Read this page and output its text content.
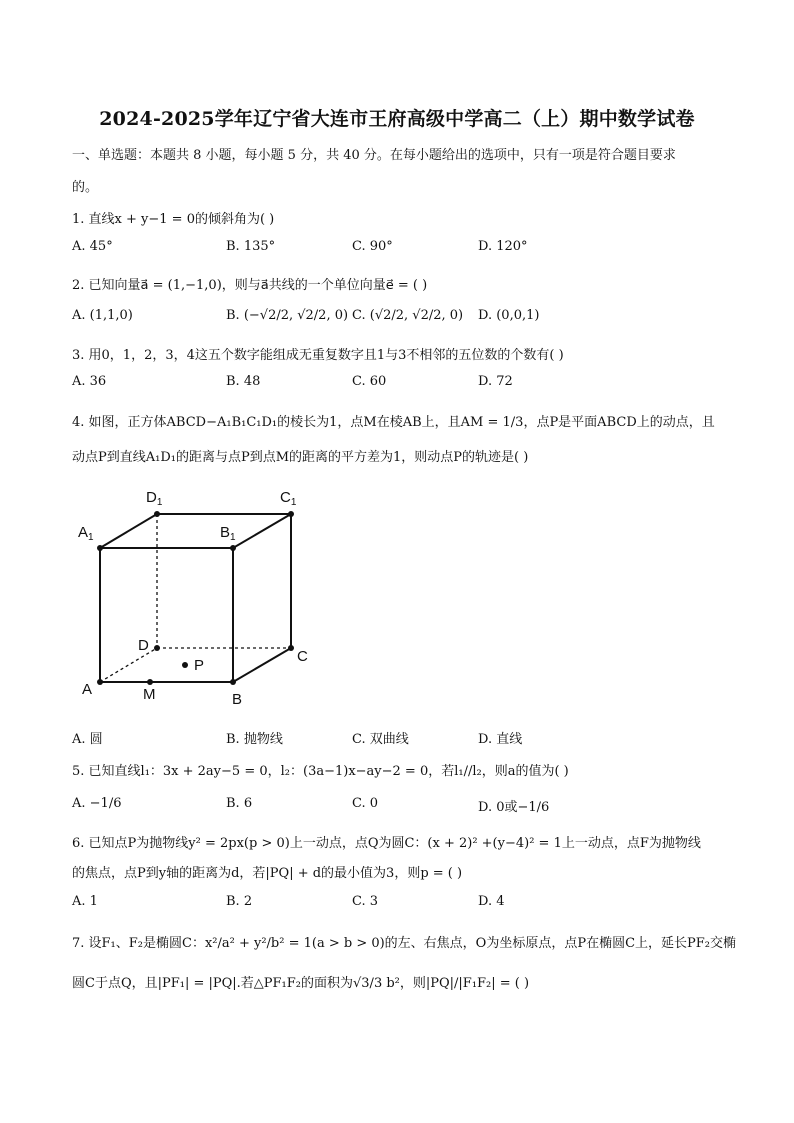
2024-2025学年辽宁省大连市王府高级中学高二（上）期中数学试卷
一、单选题：本题共 8 小题，每小题 5 分，共 40 分。在每小题给出的选项中，只有一项是符合题目要求
的。
1. 直线x + y−1 = 0的倾斜角为( )
A. 45°	B. 135°	C. 90°	D. 120°
2. 已知向量a⃗ = (1,−1,0)，则与a⃗共线的一个单位向量e⃗ = ( )
A. (1,1,0)	B. (−√2/2, √2/2, 0) C. (√2/2, √2/2, 0) D. (0,0,1)
3. 用0，1，2，3，4这五个数字能组成无重复数字且1与3不相邻的五位数的个数有( )
A. 36	B. 48	C. 60	D. 72
4. 如图，正方体ABCD−A₁B₁C₁D₁的棱长为1，点M在棱AB上，且AM = 1/3，点P是平面ABCD上的动点，且
动点P到直线A₁D₁的距离与点P到点M的距离的平方差为1，则动点P的轨迹是( )
$D_1$	$C_1$
$A_1$	$B_1$
D
C
A
B
M
P
A. 圆	B. 抛物线	C. 双曲线	D. 直线
5. 已知直线l₁：3x + 2ay−5 = 0，l₂：(3a−1)x−ay−2 = 0，若l₁//l₂，则a的值为( )
A. −1/6	B. 6	C. 0	D. 0或−1/6
6. 已知点P为抛物线y² = 2px(p > 0)上一动点，点Q为圆C：(x + 2)² +(y−4)² = 1上一动点，点F为抛物线
的焦点，点P到y轴的距离为d，若|PQ| + d的最小值为3，则p = ( )
A. 1	B. 2	C. 3	D. 4
7. 设F₁、F₂是椭圆C：x²/a² + y²/b² = 1(a > b > 0)的左、右焦点，O为坐标原点，点P在椭圆C上，延长PF₂交椭
圆C于点Q，且|PF₁| = |PQ|.若△PF₁F₂的面积为√3/3 b²，则|PQ|/|F₁F₂| = ( )
